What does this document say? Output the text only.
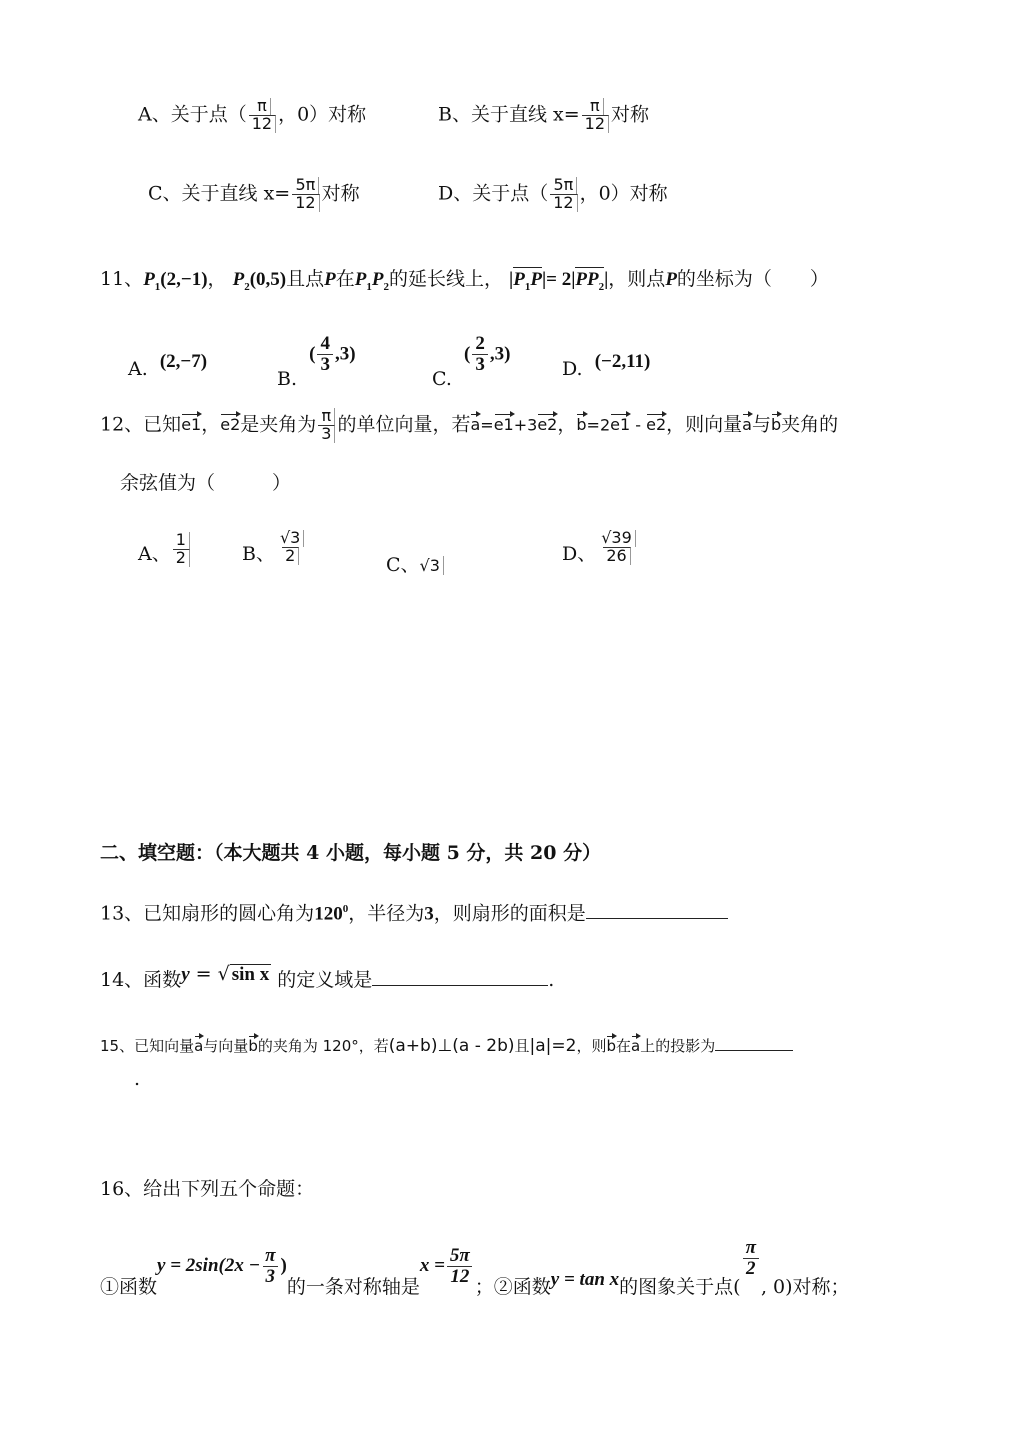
A、关于点（ $\frac{\pi}{12}$ ，0）对称	B、关于直线 $x= \frac{\pi}{12}$ 对称
C、关于直线 $x= \frac{5\pi}{12}$ 对称	D、关于点（ $\frac{5\pi}{12}$ ，0）对称
11、$P_1(2,-1)$， $P_2(0,5)$且点P在$P_1P_2$的延长线上， $|P_1P|= 2|PP_2|$，则点P的坐标为（　　）
A. (2,−7)
B.  ( $\frac{4}{3} ,3$)
C.  ( $\frac{2}{3} ,3$)
D. (−2,11)
12、已知e1，e2是夹角为 $\frac{\pi}{3}$ 的单位向量，若a=e1+3e2，b=2e1 - e2，则向量a与b夹角的
余弦值为（　　　）
A、 $\frac{1}{2}$	B、 $\frac{√3}{2}$
C、√3
D、 $\frac{√39}{26}$
二、填空题：（本大题共 4 小题，每小题 5 分，共 20 分）
13、已知扇形的圆心角为$120^0$，半径为3，则扇形的面积是
14、函数y = √ sin x 的定义域是	.
15、已知向量a与向量b的夹角为 120°，若(a+b)⊥(a - 2b)且|a|=2，则b在a上的投影为
.
16、给出下列五个命题：
①函数$y = 2\sin(2x - \frac{\pi}{3}$ )的一条对称轴是$x = \frac{5\pi}{12}$
；②函数y = tan x的图象关于点(
$\frac{\pi}{2}$
, 0)对称；
